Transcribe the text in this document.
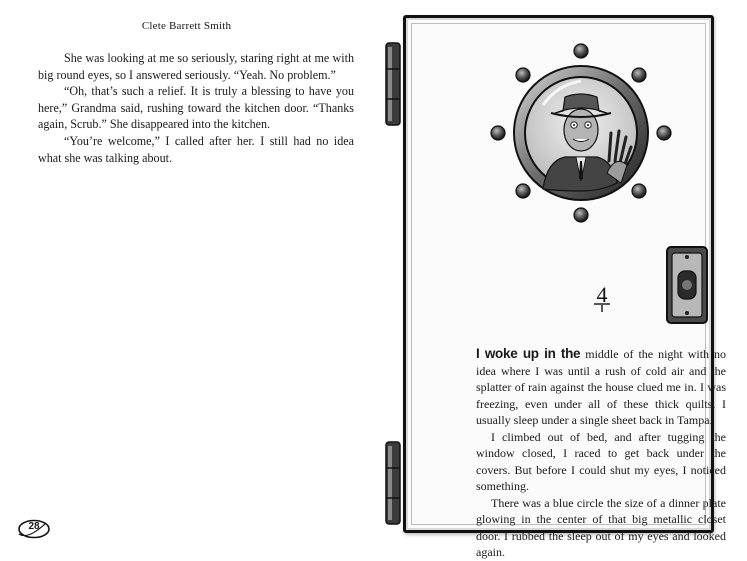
Clete Barrett Smith

She was looking at me so seriously, staring right at me with big round eyes, so I answered seriously. “Yeah. No problem.”

“Oh, that’s such a relief. It is truly a blessing to have you here,” Grandma said, rushing toward the kitchen door. “Thanks again, Scrub.” She disappeared into the kitchen.

“You’re welcome,” I called after her. I still had no idea what she was talking about.

28
4

I woke up in the middle of the night with no idea where I was until a rush of cold air and the splatter of rain against the house clued me in. I was freezing, even under all of these thick quilts. I usually sleep under a single sheet back in Tampa.

I climbed out of bed, and after tugging the window closed, I raced to get back under the covers. But before I could shut my eyes, I noticed something.

There was a blue circle the size of a dinner plate glowing in the center of that big metallic closet door. I rubbed the sleep out of my eyes and looked again.
